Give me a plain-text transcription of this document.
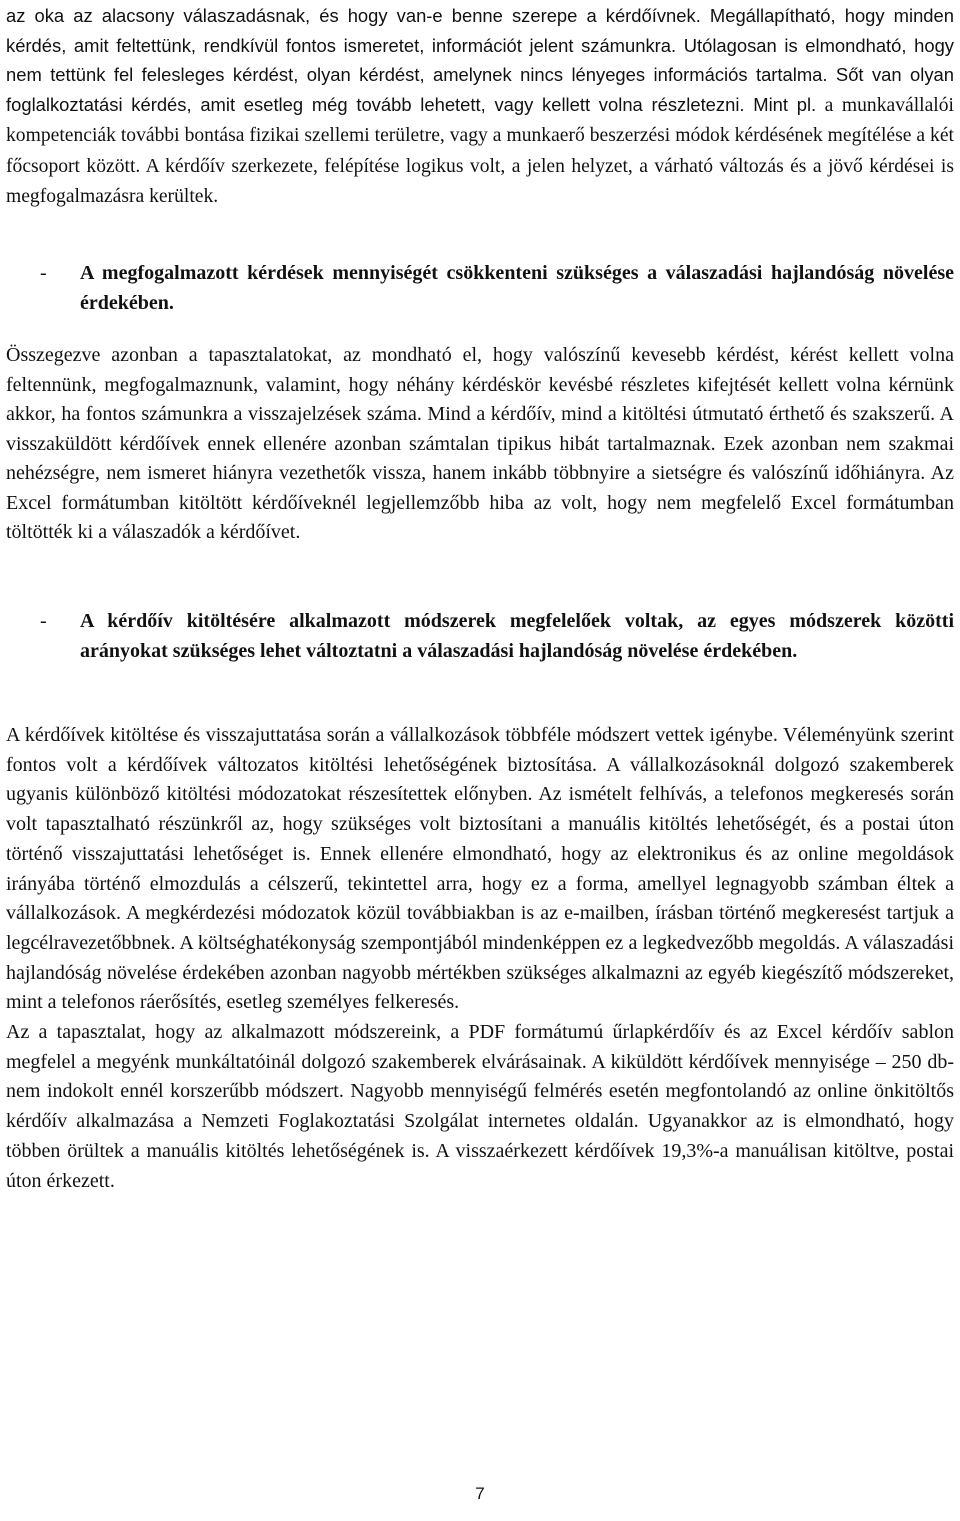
az oka az alacsony válaszadásnak, és hogy van-e benne szerepe a kérdőívnek. Megállapítható, hogy minden kérdés, amit feltettünk, rendkívül fontos ismeretet, információt jelent számunkra. Utólagosan is elmondható, hogy nem tettünk fel felesleges kérdést, olyan kérdést, amelynek nincs lényeges információs tartalma. Sőt van olyan foglalkoztatási kérdés, amit esetleg még tovább lehetett, vagy kellett volna részletezni. Mint pl. a munkavállalói kompetenciák további bontása fizikai szellemi területre, vagy a munkaerő beszerzési módok kérdésének megítélése a két főcsoport között. A kérdőív szerkezete, felépítése logikus volt, a jelen helyzet, a várható változás és a jövő kérdései is megfogalmazásra kerültek.

- A megfogalmazott kérdések mennyiségét csökkenteni szükséges a válaszadási hajlandóság növelése érdekében.

Összegezve azonban a tapasztalatokat, az mondható el, hogy valószínű kevesebb kérdést, kérést kellett volna feltennünk, megfogalmaznunk, valamint, hogy néhány kérdéskör kevésbé részletes kifejtését kellett volna kérnünk akkor, ha fontos számunkra a visszajelzések száma. Mind a kérdőív, mind a kitöltési útmutató érthető és szakszerű. A visszaküldött kérdőívek ennek ellenére azonban számtalan tipikus hibát tartalmaznak. Ezek azonban nem szakmai nehézségre, nem ismeret hiányra vezethetők vissza, hanem inkább többnyire a sietségre és valószínű időhiányra. Az Excel formátumban kitöltött kérdőíveknél legjellemzőbb hiba az volt, hogy nem megfelelő Excel formátumban töltötték ki a válaszadók a kérdőívet.

- A kérdőív kitöltésére alkalmazott módszerek megfelelőek voltak, az egyes módszerek közötti arányokat szükséges lehet változtatni a válaszadási hajlandóság növelése érdekében.

A kérdőívek kitöltése és visszajuttatása során a vállalkozások többféle módszert vettek igénybe. Véleményünk szerint fontos volt a kérdőívek változatos kitöltési lehetőségének biztosítása. A vállalkozásoknál dolgozó szakemberek ugyanis különböző kitöltési módozatokat részesítettek előnyben. Az ismételt felhívás, a telefonos megkeresés során volt tapasztalható részünkről az, hogy szükséges volt biztosítani a manuális kitöltés lehetőségét, és a postai úton történő visszajuttatási lehetőséget is. Ennek ellenére elmondható, hogy az elektronikus és az online megoldások irányába történő elmozdulás a célszerű, tekintettel arra, hogy ez a forma, amellyel legnagyobb számban éltek a vállalkozások. A megkérdezési módozatok közül továbbiakban is az e-mailben, írásban történő megkeresést tartjuk a legcélravezetőbbnek. A költséghatékonyság szempontjából mindenképpen ez a legkedvezőbb megoldás. A válaszadási hajlandóság növelése érdekében azonban nagyobb mértékben szükséges alkalmazni az egyéb kiegészítő módszereket, mint a telefonos ráerősítés, esetleg személyes felkeresés.
Az a tapasztalat, hogy az alkalmazott módszereink, a PDF formátumú űrlapkérdőív és az Excel kérdőív sablon megfelel a megyénk munkáltatóinál dolgozó szakemberek elvárásainak. A kiküldött kérdőívek mennyisége – 250 db- nem indokolt ennél korszerűbb módszert. Nagyobb mennyiségű felmérés esetén megfontolandó az online önkitöltős kérdőív alkalmazása a Nemzeti Foglakoztatási Szolgálat internetes oldalán. Ugyanakkor az is elmondható, hogy többen örültek a manuális kitöltés lehetőségének is. A visszaérkezett kérdőívek 19,3%-a manuálisan kitöltve, postai úton érkezett.

7
